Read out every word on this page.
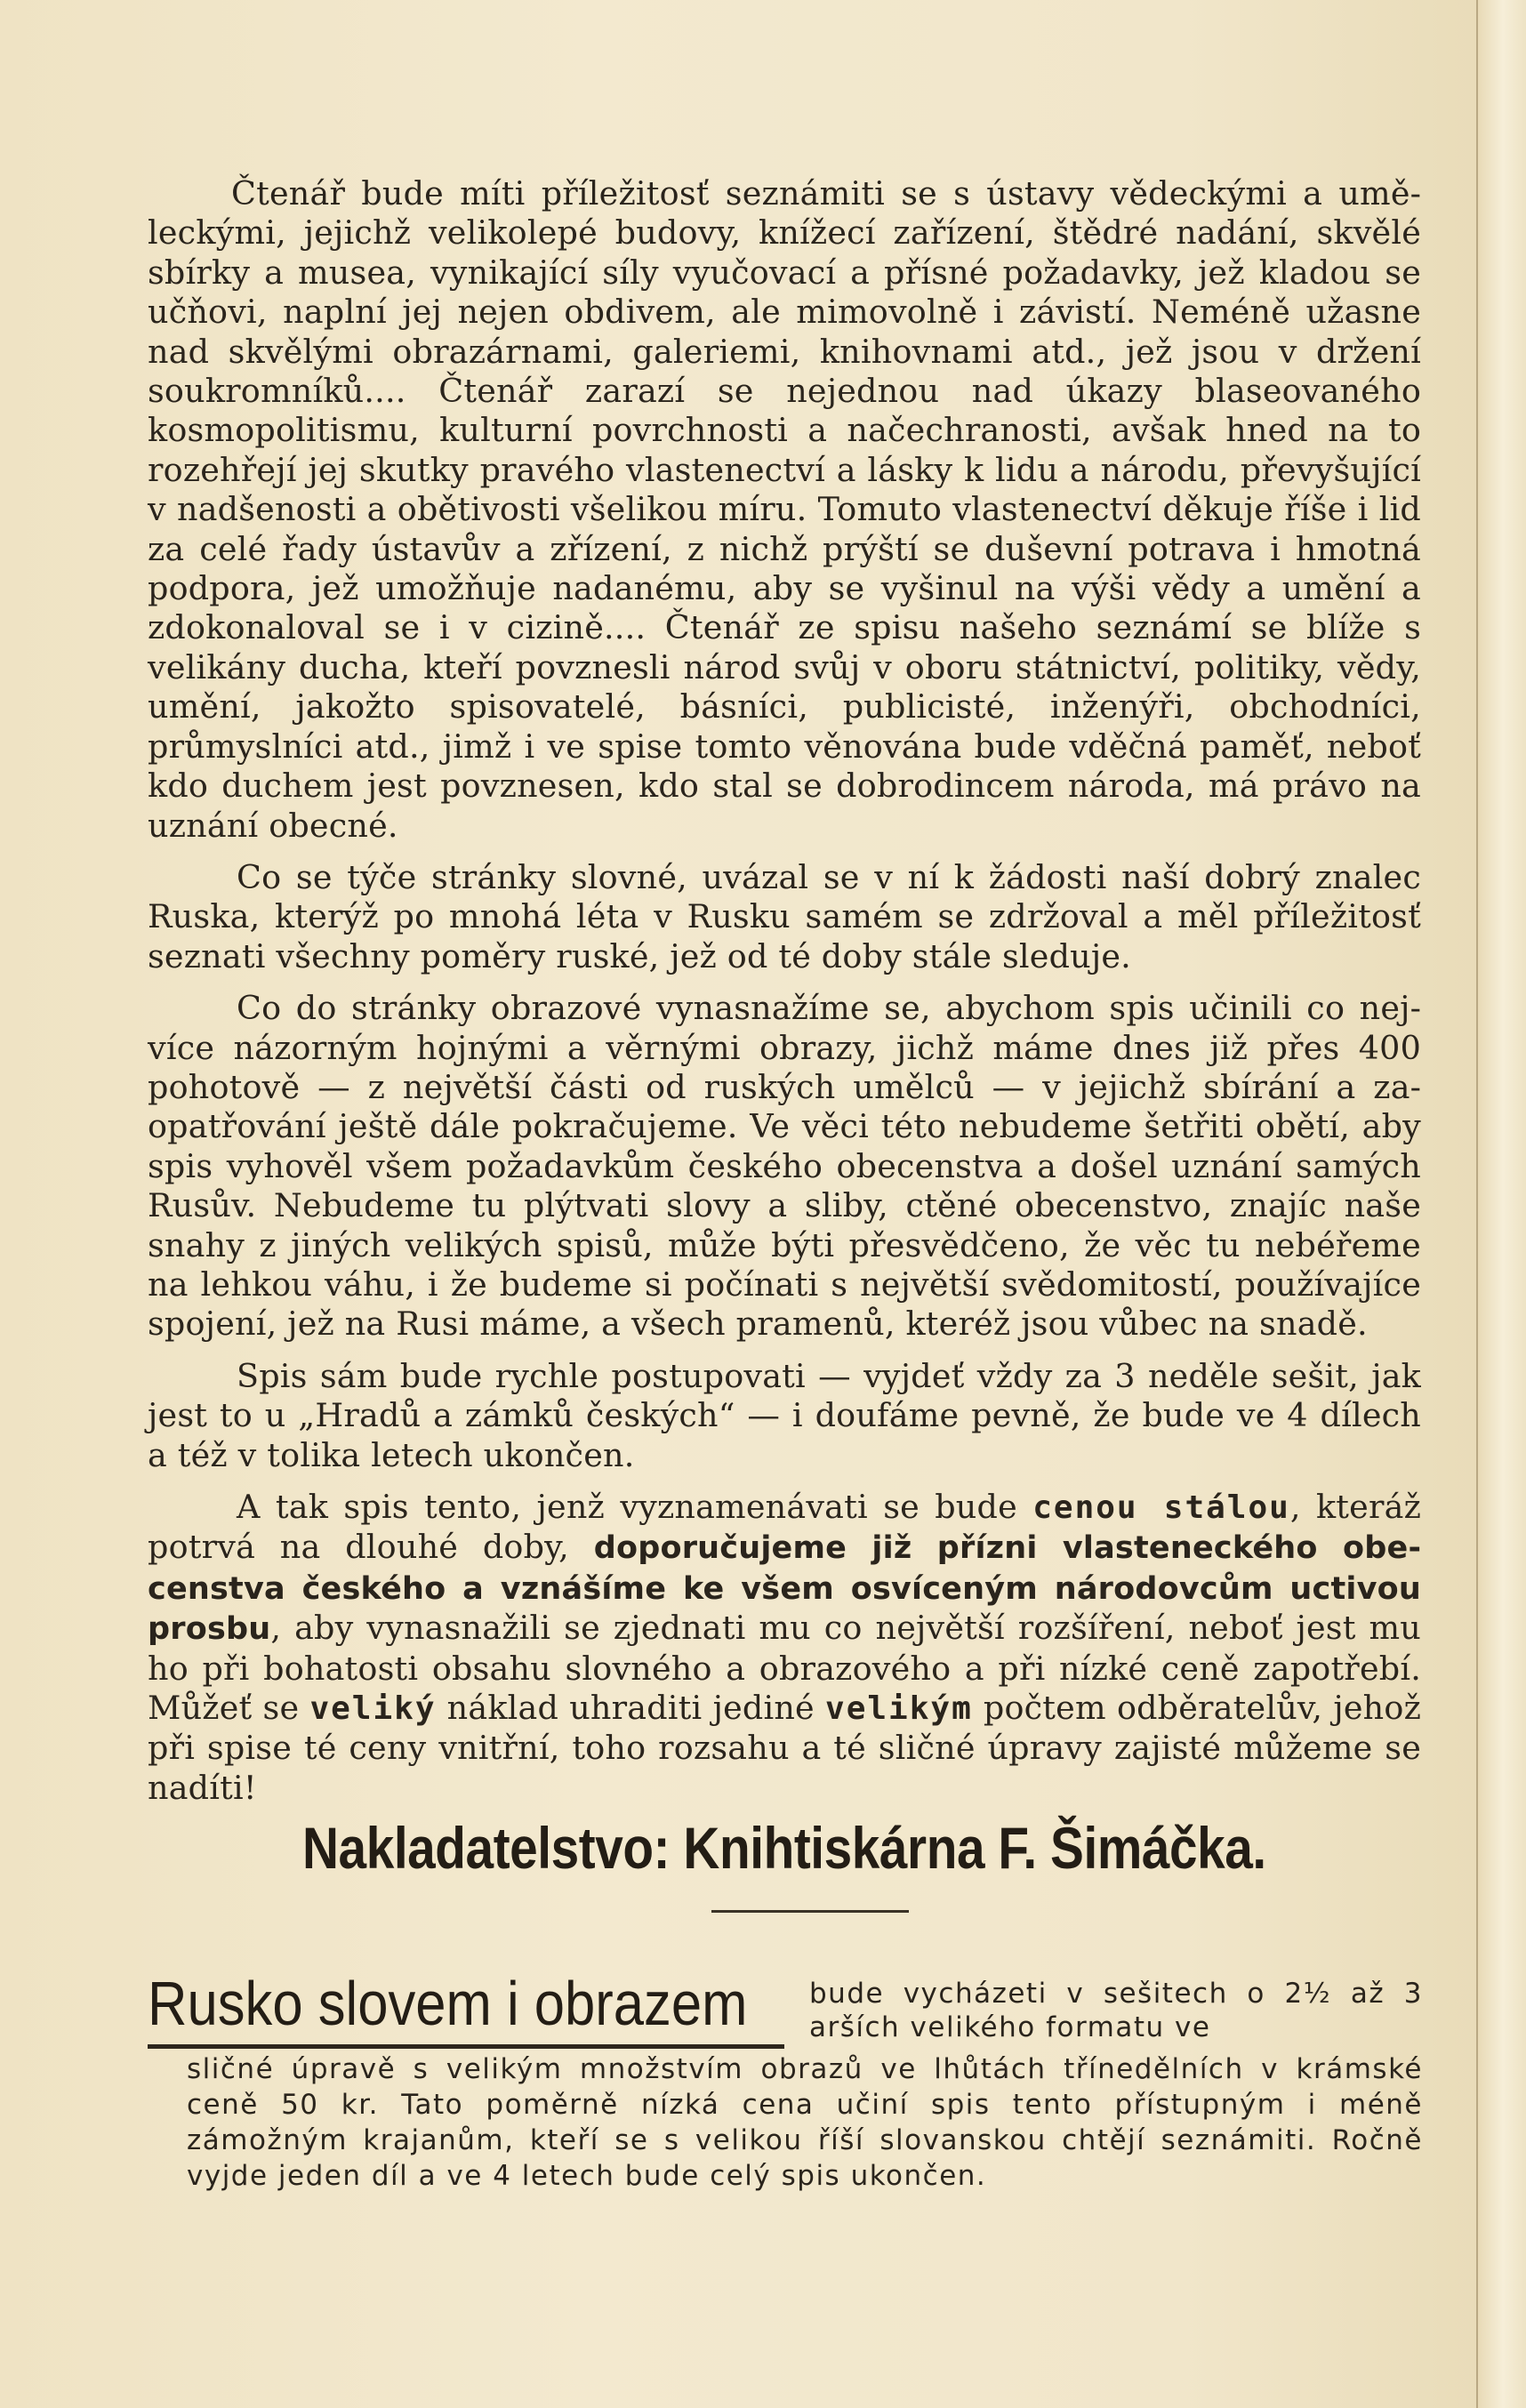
Čtenář bude míti příležitosť seznámiti se s ústavy vědeckými a uměleckými, jejichž velikolepé budovy, knížecí zařízení, štědré nadání, skvělé sbírky a musea, vynikající síly vyučovací a přísné požadavky, jež kladou se učňovi, naplní jej nejen obdivem, ale mimovolně i závistí. Neméně užasne nad skvělými obrazárnami, galeriemi, knihovnami atd., jež jsou v držení soukromníků.... Čtenář zarazí se nejednou nad úkazy blaseovaného kosmopolitismu, kulturní povrchnosti a načechranosti, avšak hned na to rozehřejí jej skutky pravého vlastenectví a lásky k lidu a národu, převyšující v nadšenosti a obětivosti všelikou míru. Tomuto vlastenectví děkuje říše i lid za celé řady ústavův a zřízení, z nichž prýští se duševní potrava i hmotná podpora, jež umožňuje nadanému, aby se vyšinul na výši vědy a umění a zdokonaloval se i v cizině.... Čtenář ze spisu našeho seznámí se blíže s velikány ducha, kteří povznesli národ svůj v oboru státnictví, politiky, vědy, umění, jakožto spisovatelé, básníci, publicisté, inženýři, obchodníci, průmyslníci atd., jimž i ve spise tomto věnována bude vděčná paměť, neboť kdo duchem jest povznesen, kdo stal se dobrodincem národa, má právo na uznání obecné.

Co se týče stránky slovné, uvázal se v ní k žádosti naší dobrý znalec Ruska, kterýž po mnohá léta v Rusku samém se zdržoval a měl příležitosť seznati všechny poměry ruské, jež od té doby stále sleduje.

Co do stránky obrazové vynasnažíme se, abychom spis učinili co nejvíce názorným hojnými a věrnými obrazy, jichž máme dnes již přes 400 pohotově — z největší části od ruských umělců — v jejichž sbírání a zaopatřování ještě dále pokračujeme. Ve věci této nebudeme šetřiti obětí, aby spis vyhověl všem požadavkům českého obecenstva a došel uznání samých Rusův. Nebudeme tu plýtvati slovy a sliby, ctěné obecenstvo, znajíc naše snahy z jiných velikých spisů, může býti přesvědčeno, že věc tu nebéřeme na lehkou váhu, i že budeme si počínati s největší svědomitostí, používajíce spojení, jež na Rusi máme, a všech pramenů, kteréž jsou vůbec na snadě.

Spis sám bude rychle postupovati — vyjdeť vždy za 3 neděle sešit, jak jest to u „Hradů a zámků českých“ — i doufáme pevně, že bude ve 4 dílech a též v tolika letech ukončen.

A tak spis tento, jenž vyznamenávati se bude cenou stálou, kteráž potrvá na dlouhé doby, doporučujeme již přízni vlasteneckého obecenstva českého a vznášíme ke všem osvíceným národovcům uctivou prosbu, aby vynasnažili se zjednati mu co největší rozšíření, neboť jest mu ho při bohatosti obsahu slovného a obrazového a při nízké ceně zapotřebí. Můžeť se veliký náklad uhraditi jediné velikým počtem odběratelův, jehož při spise té ceny vnitřní, toho rozsahu a té sličné úpravy zajisté můžeme se nadíti!

Nakladatelstvo: Knihtiskárna F. Šimáčka.
Rusko slovem i obrazem bude vycházeti v sešitech o 2½ až 3 arších velikého formatu ve
sličné úpravě s velikým množstvím obrazů ve lhůtách třínedělních v krámské ceně 50 kr. Tato poměrně nízká cena učiní spis tento přístupným i méně zámožným krajanům, kteří se s velikou říší slovanskou chtějí seznámiti. Ročně vyjde jeden díl a ve 4 letech bude celý spis ukončen.
